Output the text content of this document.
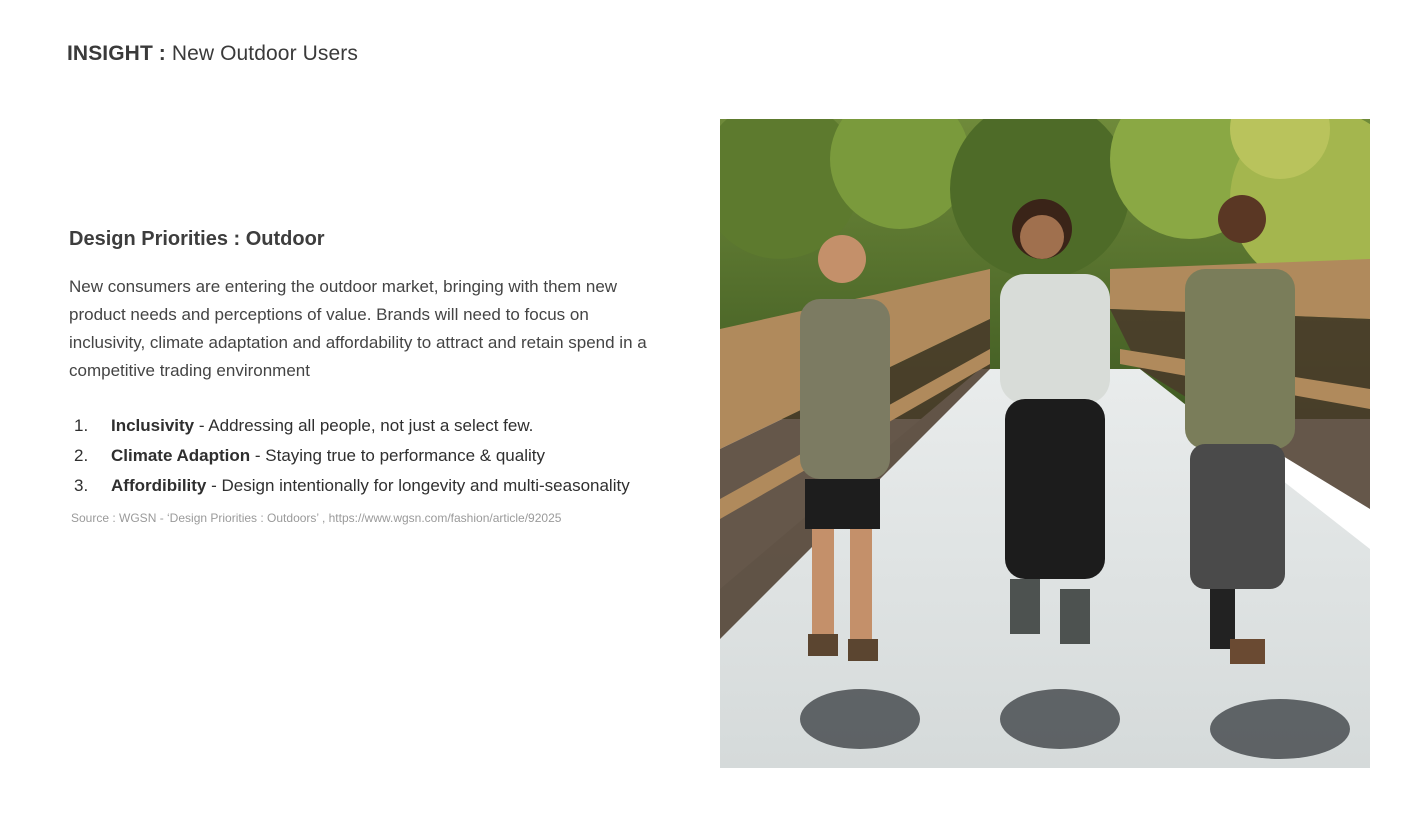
INSIGHT : New Outdoor Users
Design Priorities : Outdoor

New consumers are entering the outdoor market, bringing with them new product needs and perceptions of value. Brands will need to focus on inclusivity, climate adaptation and affordability to attract and retain spend in a competitive trading environment

1. Inclusivity - Addressing all people, not just a select few.
2. Climate Adaption - Staying true to performance & quality
3. Affordibility - Design intentionally for longevity and multi-seasonality

Source : WGSN - ‘Design Priorities : Outdoors’ , https://www.wgsn.com/fashion/article/92025
